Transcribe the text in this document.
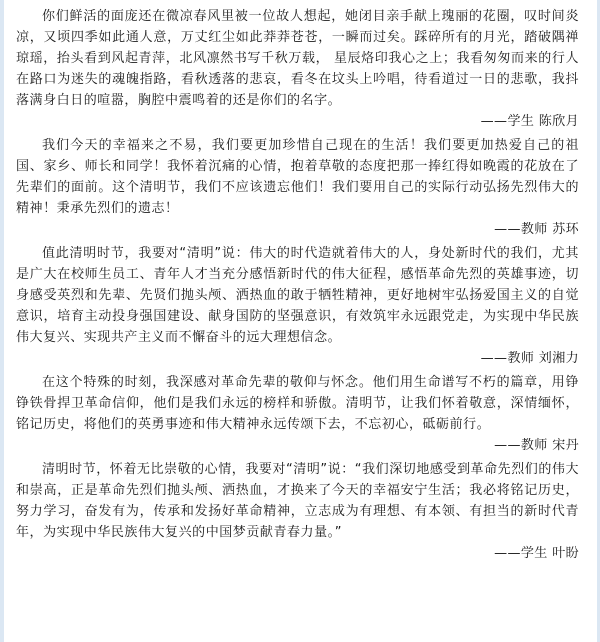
你们鲜活的面庞还在微凉春风里被一位故人想起，她闭目亲手献上瑰丽的花圈，叹时间炎凉，又顷四季如此通人意，万丈红尘如此莽莽苍苍，一瞬而过矣。踩碎所有的月光，踏破隅禅琼瑶，抬头看到风起青萍，北风凛然书写千秋万载， 星辰烙印我心之上；我看匆匆而来的行人在路口为迷失的魂魄指路，看秋透落的悲哀，看冬在坟头上吟唱，待看道过一日的悲歌，我抖落满身白日的喧嚣，胸腔中震鸣着的还是你们的名字。

——学生 陈欣月

我们今天的幸福来之不易，我们要更加珍惜自己现在的生活！我们要更加热爱自己的祖国、家乡、师长和同学！我怀着沉痛的心情，抱着草敬的态度把那一捧红得如晚霞的花放在了先辈们的面前。这个清明节，我们不应该遗忘他们！我们要用自己的实际行动弘扬先烈伟大的精神！秉承先烈们的遗志！

——教师 苏环

值此清明时节，我要对“清明”说：伟大的时代造就着伟大的人，身处新时代的我们，尤其是广大在校师生员工、青年人才当充分感悟新时代的伟大征程，感悟革命先烈的英雄事迹，切身感受英烈和先辈、先贤们抛头颅、洒热血的敢于牺牲精神，更好地树牢弘扬爱国主义的自觉意识，培育主动投身强国建设、献身国防的坚强意识，有效筑牢永远跟党走，为实现中华民族伟大复兴、实现共产主义而不懈奋斗的远大理想信念。

——教师 刘湘力

在这个特殊的时刻，我深感对革命先辈的敬仰与怀念。他们用生命谱写不朽的篇章，用铮铮铁骨捍卫革命信仰，他们是我们永远的榜样和骄傲。清明节，让我们怀着敬意，深情缅怀，铭记历史，将他们的英勇事迹和伟大精神永远传颂下去，不忘初心，砥砺前行。

——教师 宋丹

清明时节，怀着无比崇敬的心情，我要对“清明”说：“我们深切地感受到革命先烈们的伟大和崇高，正是革命先烈们抛头颅、洒热血，才换来了今天的幸福安宁生活；我必将铭记历史，努力学习，奋发有为，传承和发扬好革命精神，立志成为有理想、有本领、有担当的新时代青年，为实现中华民族伟大复兴的中国梦贡献青春力量。”

——学生 叶盼
